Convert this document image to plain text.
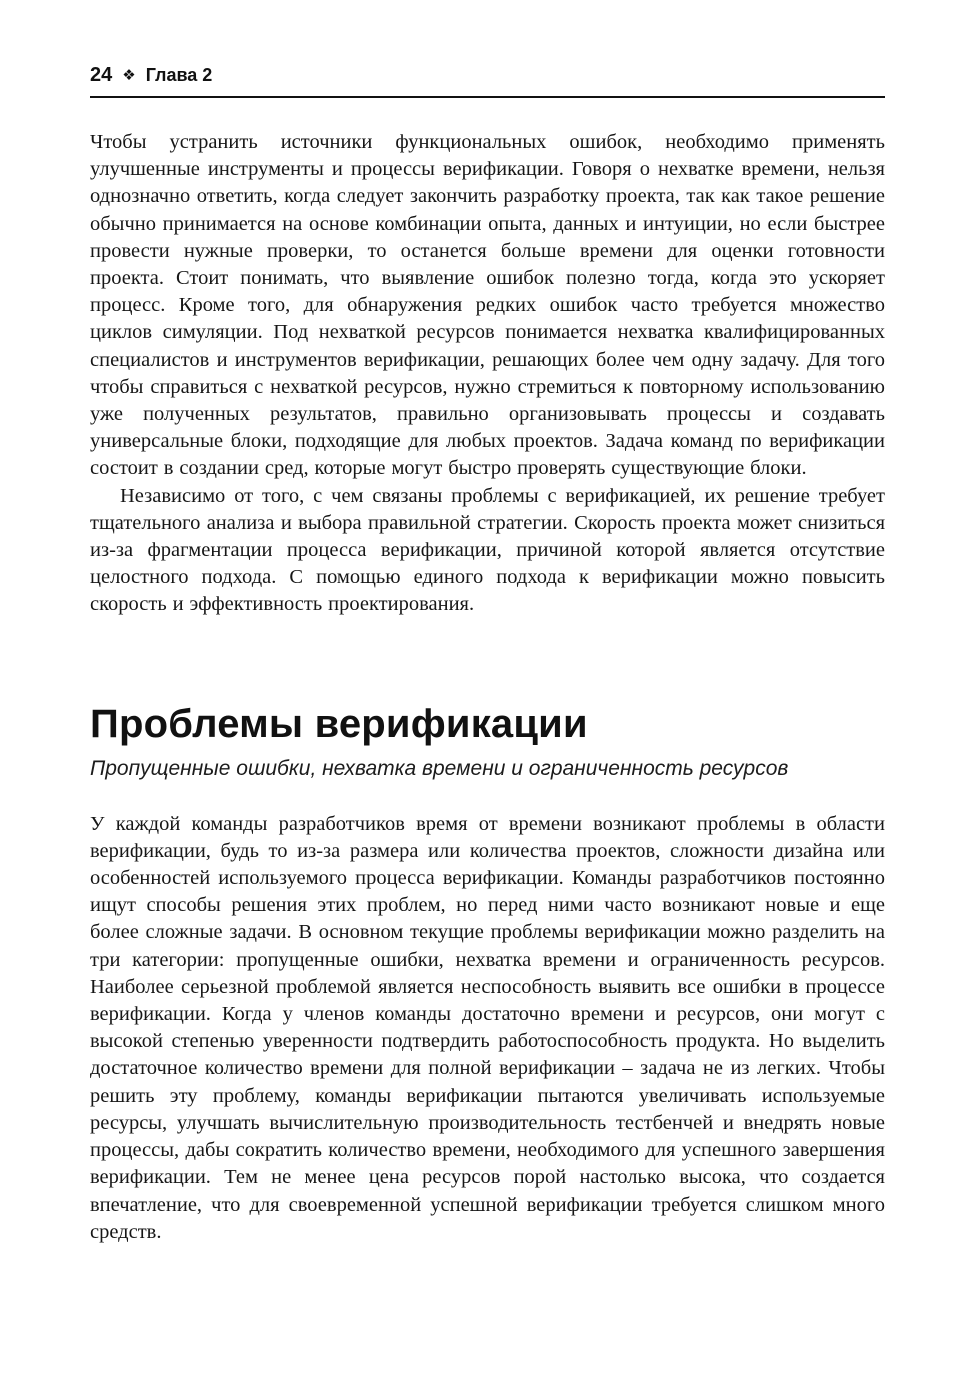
24 ❖ Глава 2

Чтобы устранить источники функциональных ошибок, необходимо применять улучшенные инструменты и процессы верификации. Говоря о нехватке времени, нельзя однозначно ответить, когда следует закончить разработку проекта, так как такое решение обычно принимается на основе комбинации опыта, данных и интуиции, но если быстрее провести нужные проверки, то останется больше времени для оценки готовности проекта. Стоит понимать, что выявление ошибок полезно тогда, когда это ускоряет процесс. Кроме того, для обнаружения редких ошибок часто требуется множество циклов симуляции. Под нехваткой ресурсов понимается нехватка квалифицированных специалистов и инструментов верификации, решающих более чем одну задачу. Для того чтобы справиться с нехваткой ресурсов, нужно стремиться к повторному использованию уже полученных результатов, правильно организовывать процессы и создавать универсальные блоки, подходящие для любых проектов. Задача команд по верификации состоит в создании сред, которые могут быстро проверять существующие блоки.

Независимо от того, с чем связаны проблемы с верификацией, их решение требует тщательного анализа и выбора правильной стратегии. Скорость проекта может снизиться из-за фрагментации процесса верификации, причиной которой является отсутствие целостного подхода. С помощью единого подхода к верификации можно повысить скорость и эффективность проектирования.

Проблемы верификации

Пропущенные ошибки, нехватка времени и ограниченность ресурсов

У каждой команды разработчиков время от времени возникают проблемы в области верификации, будь то из-за размера или количества проектов, сложности дизайна или особенностей используемого процесса верификации. Команды разработчиков постоянно ищут способы решения этих проблем, но перед ними часто возникают новые и еще более сложные задачи. В основном текущие проблемы верификации можно разделить на три категории: пропущенные ошибки, нехватка времени и ограниченность ресурсов. Наиболее серьезной проблемой является неспособность выявить все ошибки в процессе верификации. Когда у членов команды достаточно времени и ресурсов, они могут с высокой степенью уверенности подтвердить работоспособность продукта. Но выделить достаточное количество времени для полной верификации – задача не из легких. Чтобы решить эту проблему, команды верификации пытаются увеличивать используемые ресурсы, улучшать вычислительную производительность тестбенчей и внедрять новые процессы, дабы сократить количество времени, необходимого для успешного завершения верификации. Тем не менее цена ресурсов порой настолько высока, что создается впечатление, что для своевременной успешной верификации требуется слишком много средств.
